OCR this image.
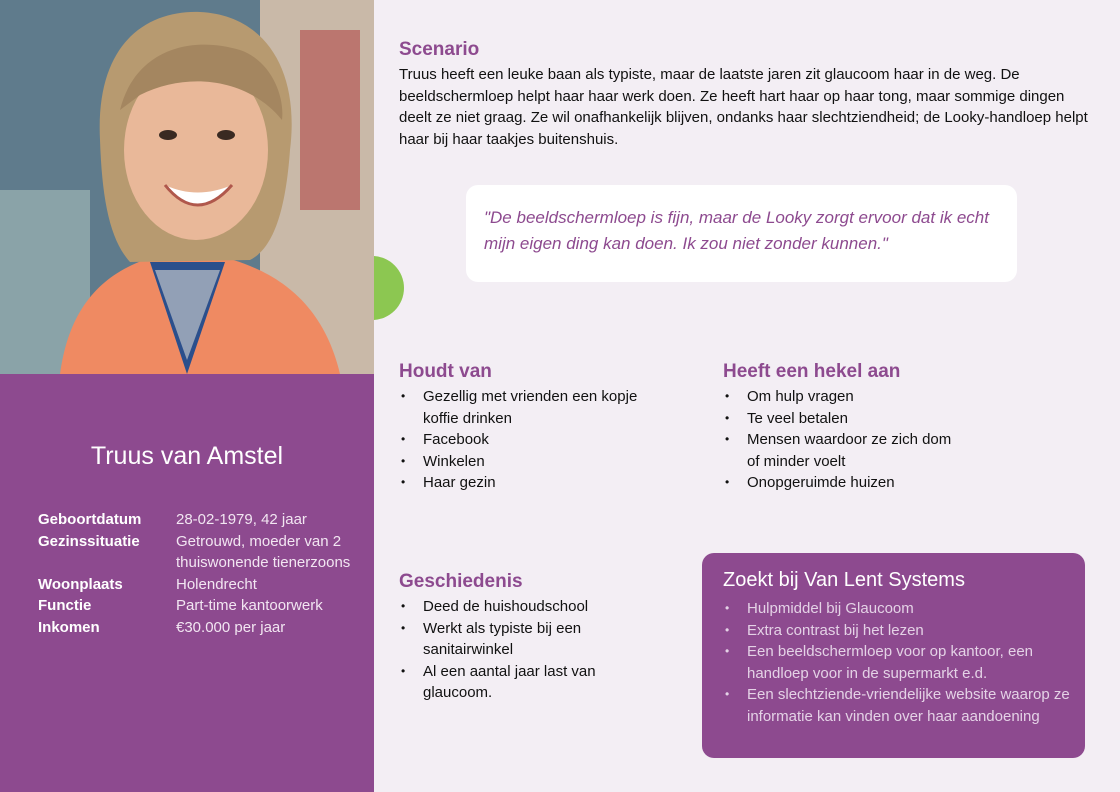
Truus van Amstel
Geboortdatum	28-02-1979, 42 jaar
Gezinssituatie	Getrouwd, moeder van 2 thuiswonende tienerzoons
Woonplaats	Holendrecht
Functie	Part-time kantoorwerk
Inkomen	€30.000 per jaar
Scenario

Truus heeft een leuke baan als typiste, maar de laatste jaren zit glaucoom haar in de weg. De beeldschermloep helpt haar haar werk doen. Ze heeft hart haar op haar tong, maar sommige dingen deelt ze niet graag. Ze wil onafhankelijk blijven, ondanks haar slechtziendheid; de Looky-handloep helpt haar bij haar taakjes buitenshuis.

"De beeldschermloep is fijn, maar de Looky zorgt ervoor dat ik echt mijn eigen ding kan doen. Ik zou niet zonder kunnen."
Houdt van
• Gezellig met vrienden een kopje koffie drinken
• Facebook
• Winkelen
• Haar gezin
Heeft een hekel aan
• Om hulp vragen
• Te veel betalen
• Mensen waardoor ze zich dom of minder voelt
• Onopgeruimde huizen
Geschiedenis
• Deed de huishoudschool
• Werkt als typiste bij een sanitairwinkel
• Al een aantal jaar last van glaucoom.
Zoekt bij Van Lent Systems
• Hulpmiddel bij Glaucoom
• Extra contrast bij het lezen
• Een beeldschermloep voor op kantoor, een handloep voor in de supermarkt e.d.
• Een slechtziende-vriendelijke website waarop ze informatie kan vinden over haar aandoening
